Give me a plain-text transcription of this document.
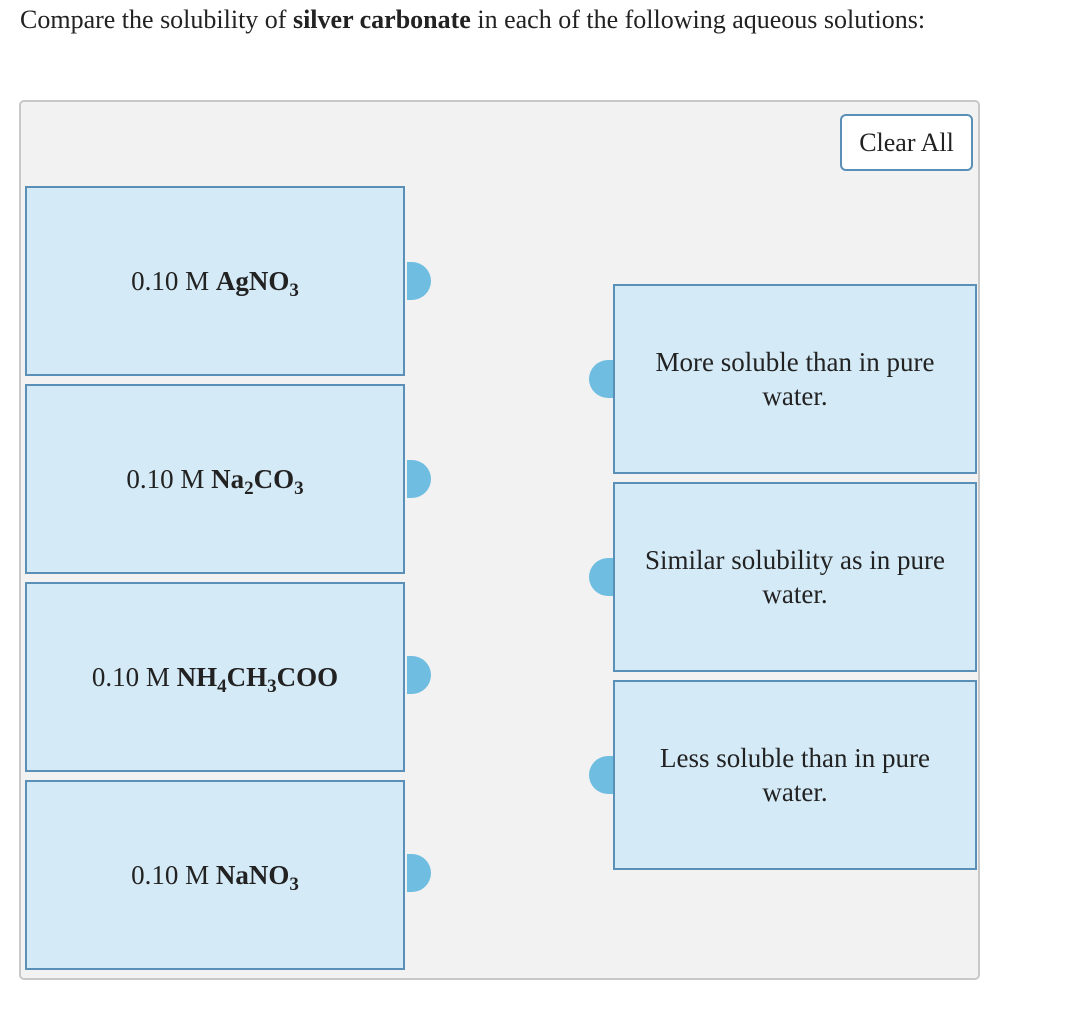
Compare the solubility of silver carbonate in each of the following aqueous solutions:
Clear All
0.10 M
AgNO$_3$
0.10 M
$Na_2CO_3$
0.10 M
$NH_4CH_3COO$
0.10 M
NaNO$_3$
More soluble than in pure water.
Similar solubility as in pure water.
Less soluble than in pure water.
